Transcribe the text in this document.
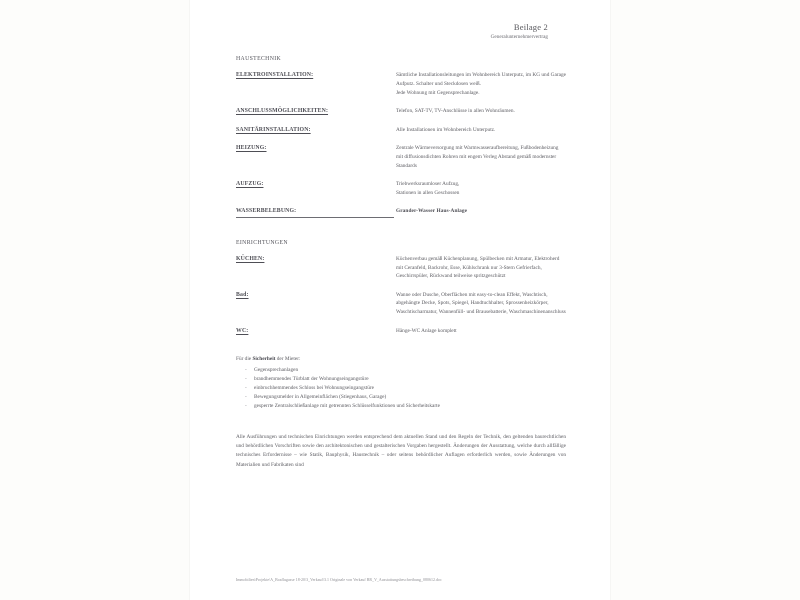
Beilage 2
Generalunternehmervertrag
HAUSTECHNIK
ELEKTROINSTALLATION:	Sämtliche Installationsleitungen im Wohnbereich Unterputz, im KG und Garage Aufputz. Schalter und Steckdosen weiß.
Jede Wohnung mit Gegensprechanlage.
ANSCHLUSSMÖGLICHKEITEN:	Telefon, SAT-TV, TV-Anschlüsse in allen Wohnräumen.
SANITÄRINSTALLATION:	Alle Installationen im Wohnbereich Unterputz.
HEIZUNG:	Zentrale Wärmeversorgung mit Warmwasseraufbereitung, Fußbodenheizung mit diffusionsdichten Rohren mit engem Verleg Abstand gemäß modernster Standards
AUFZUG:	Triebwerksraumloser Aufzug,
Stationen in allen Geschossen
WASSERBELEBUNG:	Grander-Wasser Haus-Anlage
EINRICHTUNGEN
KÜCHEN:	Küchenverbau gemäß Küchenplanung, Spülbecken mit Armatur, Elektroherd mit Ceranfeld, Backrohr, Esse, Kühlschrank nur 3-Stern Gefrierfach, Geschirrspüler, Rückwand teilweise spritzgeschützt
Bad:	Wanne oder Dusche, Oberflächen mit easy-to-clean Effekt, Waschtisch, abgehängte Decke, Spots, Spiegel, Handtuchhalter, Sprossenheizkörper, Waschtischarmatur, Wannenfüll- und Brausebatterie, Waschmaschinenanschluss
WC:	Hänge-WC Anlage komplett

Für die Sicherheit der Mieter:

- Gegensprechanlagen
- brandhemmendes Türblatt der Wohnungseingangstüre
- einbruchhemmendes Schloss bei Wohnungseingangstüre
- Bewegungsmelder in Allgemeinflächen (Stiegenhaus, Garage)
- gesperrte Zentralschließanlage mit getrennten Schlüsselfunktionen und Sicherheitskarte
Alle Ausführungen und technischen Einrichtungen werden entsprechend dem aktuellen Stand und den Regeln der Technik, den geltenden baurechtlichen und behördlichen Vorschriften sowie den architektonischen und gestalterischen Vorgaben hergestellt. Änderungen der Ausstattung, welche durch allfällige technisches Erfordernisse – wie Statik, Bauphysik, Haustechnik – oder seitens behördlicher Auflagen erforderlich werden, sowie Änderungen von Materialien und Fabrikaten sind
Immobilien\Projekte\A_Boaflugasse 18-20\3_Verkauf\3.1 Originale von Verkauf BR_V_Ausstattungsbeschreibung_080612.doc
